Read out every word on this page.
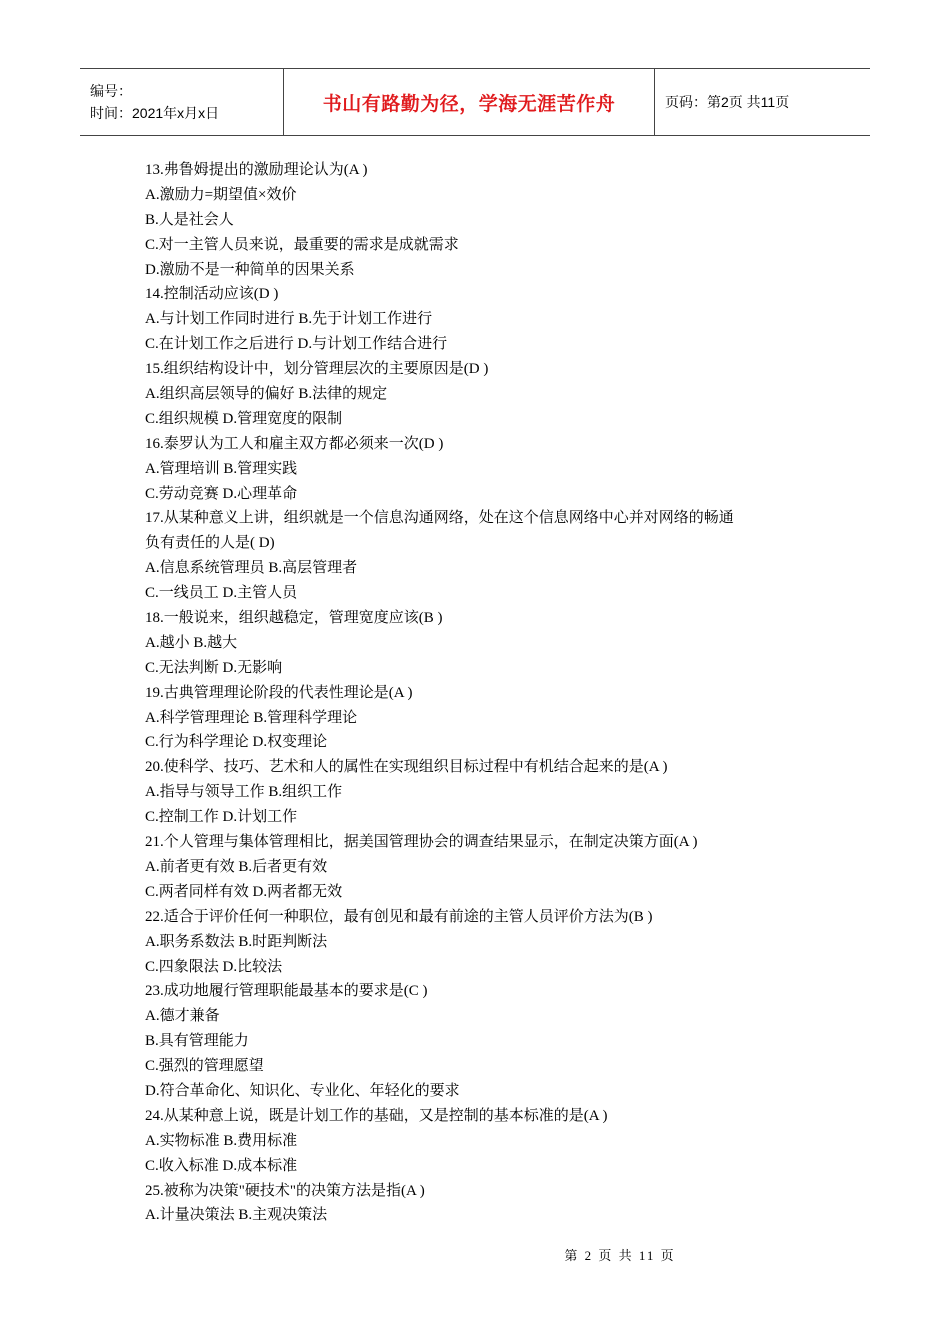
编号：
时间：2021年x月x日	书山有路勤为径，学海无涯苦作舟	页码：第2页 共11页
13.弗鲁姆提出的激励理论认为(A )
A.激励力=期望值×效价
B.人是社会人
C.对一主管人员来说，最重要的需求是成就需求
D.激励不是一种简单的因果关系
14.控制活动应该(D )
A.与计划工作同时进行 B.先于计划工作进行
C.在计划工作之后进行 D.与计划工作结合进行
15.组织结构设计中，划分管理层次的主要原因是(D )
A.组织高层领导的偏好 B.法律的规定
C.组织规模 D.管理宽度的限制
16.泰罗认为工人和雇主双方都必须来一次(D )
A.管理培训 B.管理实践
C.劳动竞赛 D.心理革命
17.从某种意义上讲，组织就是一个信息沟通网络，处在这个信息网络中心并对网络的畅通
负有责任的人是( D)
A.信息系统管理员 B.高层管理者
C.一线员工 D.主管人员
18.一般说来，组织越稳定，管理宽度应该(B )
A.越小 B.越大
C.无法判断 D.无影响
19.古典管理理论阶段的代表性理论是(A )
A.科学管理理论 B.管理科学理论
C.行为科学理论 D.权变理论
20.使科学、技巧、艺术和人的属性在实现组织目标过程中有机结合起来的是(A )
A.指导与领导工作 B.组织工作
C.控制工作 D.计划工作
21.个人管理与集体管理相比，据美国管理协会的调查结果显示，在制定决策方面(A )
A.前者更有效 B.后者更有效
C.两者同样有效 D.两者都无效
22.适合于评价任何一种职位，最有创见和最有前途的主管人员评价方法为(B )
A.职务系数法 B.时距判断法
C.四象限法 D.比较法
23.成功地履行管理职能最基本的要求是(C )
A.德才兼备
B.具有管理能力
C.强烈的管理愿望
D.符合革命化、知识化、专业化、年轻化的要求
24.从某种意上说，既是计划工作的基础，又是控制的基本标准的是(A )
A.实物标准 B.费用标准
C.收入标准 D.成本标准
25.被称为决策"硬技术"的决策方法是指(A )
A.计量决策法 B.主观决策法
第 2 页 共 11 页
